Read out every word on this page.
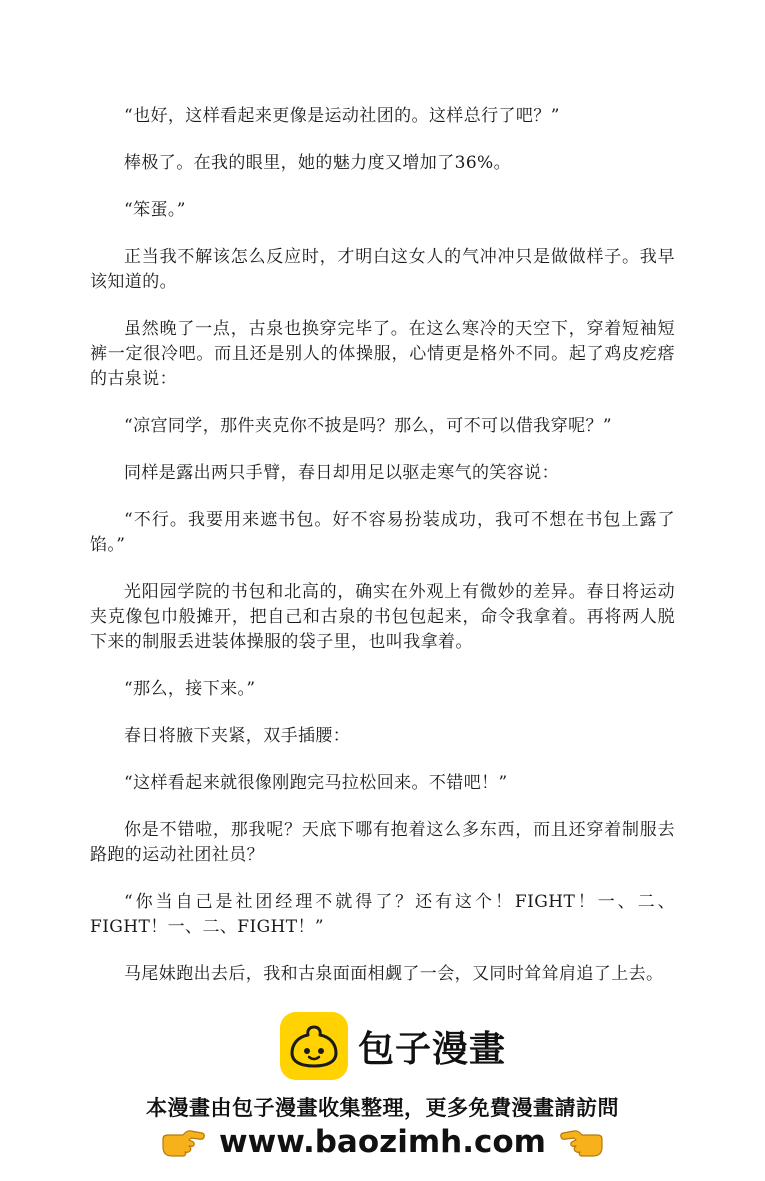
“也好，这样看起来更像是运动社团的。这样总行了吧？”

棒极了。在我的眼里，她的魅力度又增加了36%。

“笨蛋。”

正当我不解该怎么反应时，才明白这女人的气冲冲只是做做样子。我早该知道的。

虽然晚了一点，古泉也换穿完毕了。在这么寒冷的天空下，穿着短袖短裤一定很冷吧。而且还是别人的体操服，心情更是格外不同。起了鸡皮疙瘩的古泉说：

“凉宫同学，那件夹克你不披是吗？那么，可不可以借我穿呢？”

同样是露出两只手臂，春日却用足以驱走寒气的笑容说：

“不行。我要用来遮书包。好不容易扮装成功，我可不想在书包上露了馅。”

光阳园学院的书包和北高的，确实在外观上有微妙的差异。春日将运动夹克像包巾般摊开，把自己和古泉的书包包起来，命令我拿着。再将两人脱下来的制服丢进装体操服的袋子里，也叫我拿着。

“那么，接下来。”

春日将腋下夹紧，双手插腰：

“这样看起来就很像刚跑完马拉松回来。不错吧！”

你是不错啦，那我呢？天底下哪有抱着这么多东西，而且还穿着制服去路跑的运动社团社员？

“你当自己是社团经理不就得了？还有这个！FIGHT！一、二、FIGHT！一、二、FIGHT！”

马尾妹跑出去后，我和古泉面面相觑了一会，又同时耸耸肩追了上去。

包子漫畫
本漫畫由包子漫畫收集整理，更多免費漫畫請訪問
www.baozimh.com
